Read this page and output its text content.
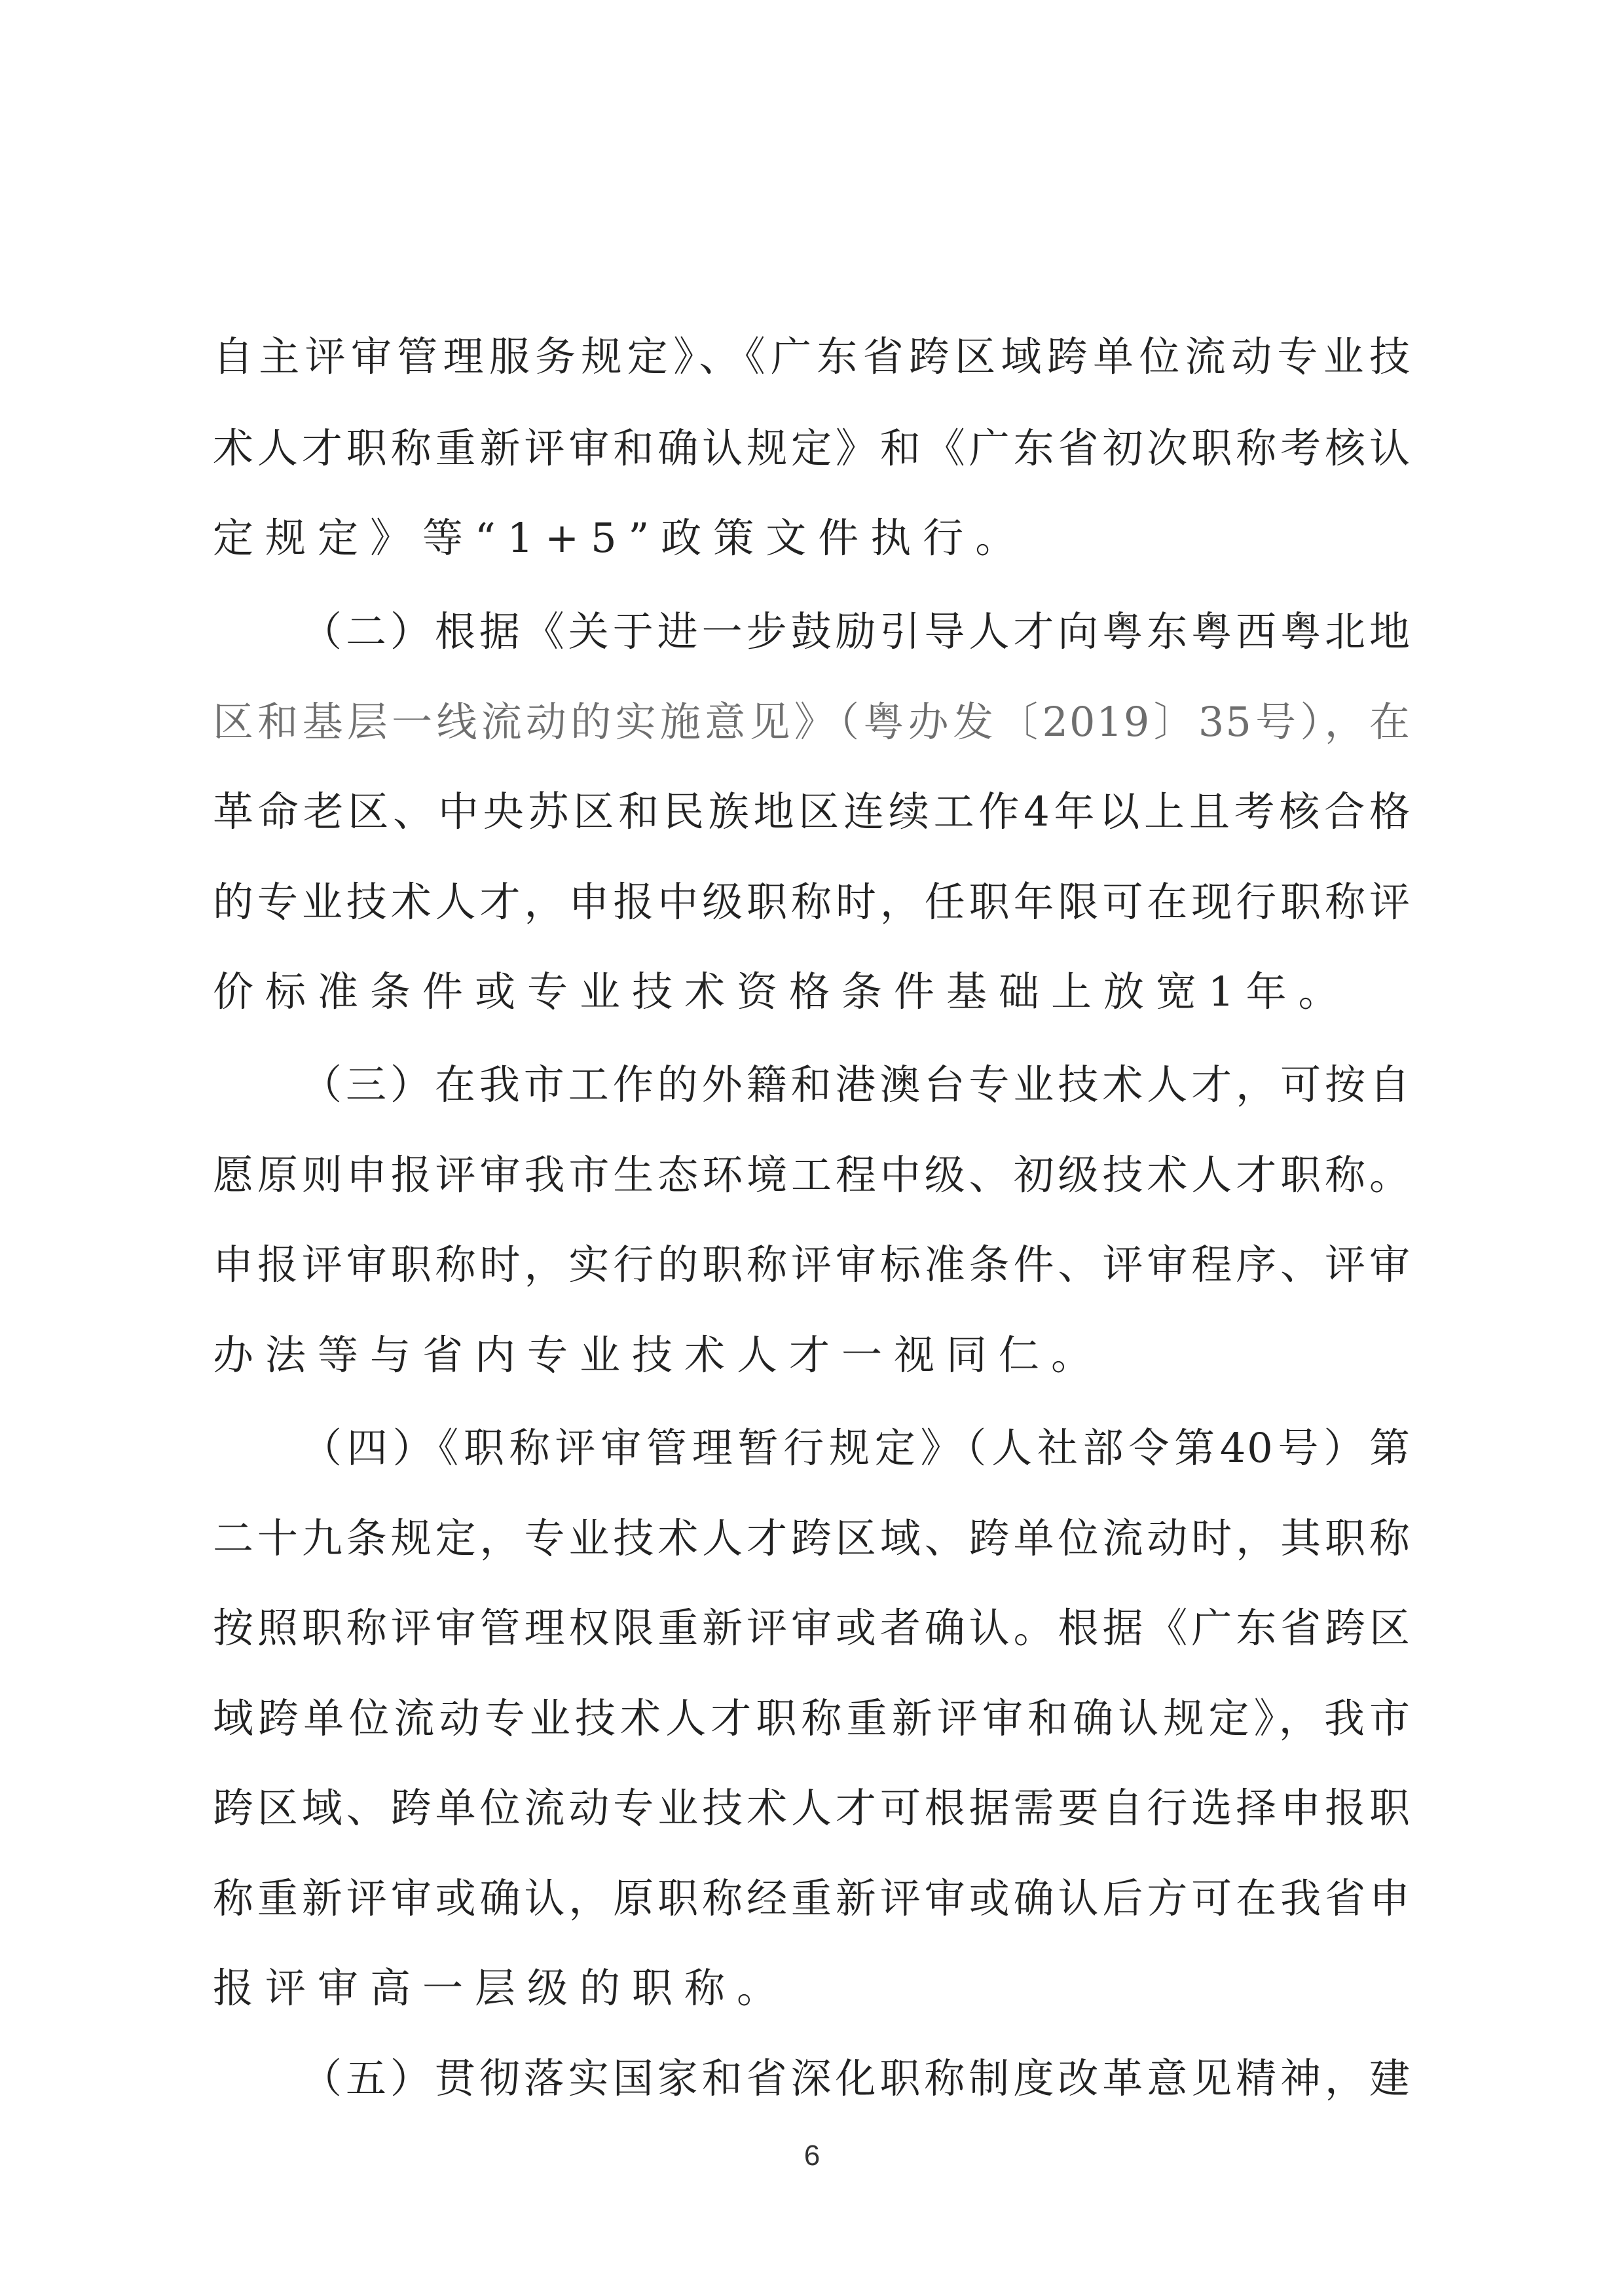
自主评审管理服务规定》、《广东省跨区域跨单位流动专业技
术人才职称重新评审和确认规定》和《广东省初次职称考核认
定规定》等“1+5”政策文件执行。
（二）根据《关于进一步鼓励引导人才向粤东粤西粤北地
区和基层一线流动的实施意见》（粤办发〔2019〕35号），在
革命老区、中央苏区和民族地区连续工作4年以上且考核合格
的专业技术人才，申报中级职称时，任职年限可在现行职称评
价标准条件或专业技术资格条件基础上放宽1年。
（三）在我市工作的外籍和港澳台专业技术人才，可按自
愿原则申报评审我市生态环境工程中级、初级技术人才职称。
申报评审职称时，实行的职称评审标准条件、评审程序、评审
办法等与省内专业技术人才一视同仁。
（四）《职称评审管理暂行规定》（人社部令第40号）第
二十九条规定，专业技术人才跨区域、跨单位流动时，其职称
按照职称评审管理权限重新评审或者确认。根据《广东省跨区
域跨单位流动专业技术人才职称重新评审和确认规定》，我市
跨区域、跨单位流动专业技术人才可根据需要自行选择申报职
称重新评审或确认，原职称经重新评审或确认后方可在我省申
报评审高一层级的职称。
（五）贯彻落实国家和省深化职称制度改革意见精神，建
6
